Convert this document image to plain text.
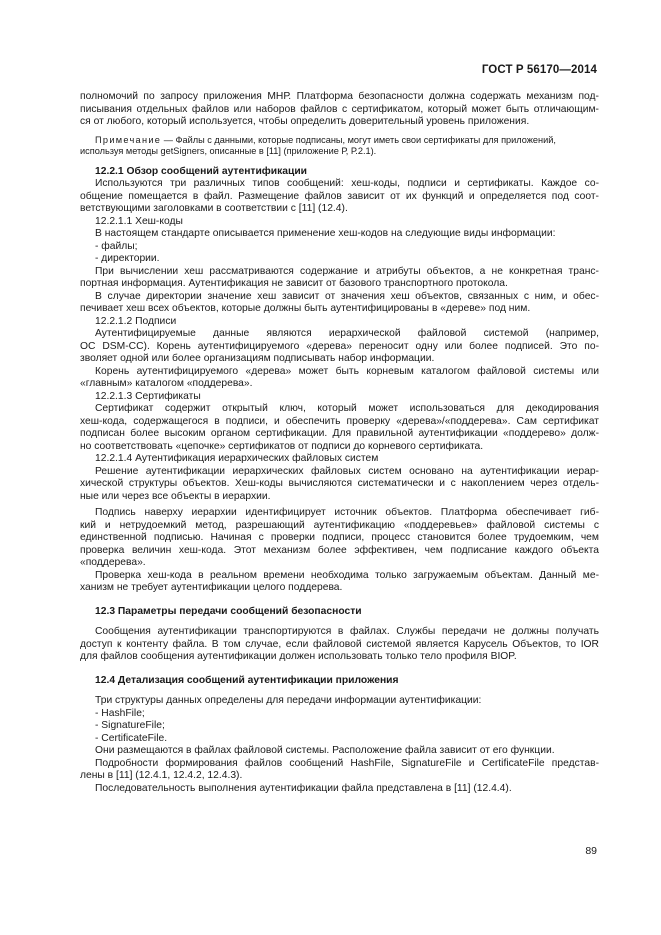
ГОСТ Р 56170—2014
полномочий по запросу приложения МНР. Платформа безопасности должна содержать механизм под-
писывания отдельных файлов или наборов файлов с сертификатом, который может быть отличающим-
ся от любого, который используется, чтобы определить доверительный уровень приложения.
Примечание — Файлы с данными, которые подписаны, могут иметь свои сертификаты для приложений,
используя методы getSigners, описанные в [11] (приложение Р, Р.2.1).
12.2.1 Обзор сообщений аутентификации
Используются три различных типов сообщений: хеш-коды, подписи и сертификаты. Каждое со-
общение помещается в файл. Размещение файлов зависит от их функций и определяется под соот-
ветствующими заголовками в соответствии с [11] (12.4).
12.2.1.1 Хеш-коды
В настоящем стандарте описывается применение хеш-кодов на следующие виды информации:
- файлы;
- директории.
При вычислении хеш рассматриваются содержание и атрибуты объектов, а не конкретная транс-
портная информация. Аутентификация не зависит от базового транспортного протокола.
В случае директории значение хеш зависит от значения хеш объектов, связанных с ним, и обес-
печивает хеш всех объектов, которые должны быть аутентифицированы в «дереве» под ним.
12.2.1.2 Подписи
Аутентифицируемые данные являются иерархической файловой системой (например,
ОС DSM-CC). Корень аутентифицируемого «дерева» переносит одну или более подписей. Это по-
зволяет одной или более организациям подписывать набор информации.
Корень аутентифицируемого «дерева» может быть корневым каталогом файловой системы или
«главным» каталогом «поддерева».
12.2.1.3 Сертификаты
Сертификат содержит открытый ключ, который может использоваться для декодирования
хеш-кода, содержащегося в подписи, и обеспечить проверку «дерева»/«поддерева». Сам сертификат
подписан более высоким органом сертификации. Для правильной аутентификации «поддерево» долж-
но соответствовать «цепочке» сертификатов от подписи до корневого сертификата.
12.2.1.4 Аутентификация иерархических файловых систем
Решение аутентификации иерархических файловых систем основано на аутентификации иерар-
хической структуры объектов. Хеш-коды вычисляются систематически и с накоплением через отдель-
ные или через все объекты в иерархии.
Подпись наверху иерархии идентифицирует источник объектов. Платформа обеспечивает гиб-
кий и нетрудоемкий метод, разрешающий аутентификацию «поддеревьев» файловой системы с
единственной подписью. Начиная с проверки подписи, процесс становится более трудоемким, чем
проверка величин хеш-кода. Этот механизм более эффективен, чем подписание каждого объекта
«поддерева».
Проверка хеш-кода в реальном времени необходима только загружаемым объектам. Данный ме-
ханизм не требует аутентификации целого поддерева.
12.3 Параметры передачи сообщений безопасности
Сообщения аутентификации транспортируются в файлах. Службы передачи не должны получать
доступ к контенту файла. В том случае, если файловой системой является Карусель Объектов, то IOR
для файлов сообщения аутентификации должен использовать только тело профиля BIOP.
12.4 Детализация сообщений аутентификации приложения
Три структуры данных определены для передачи информации аутентификации:
- HashFile;
- SignatureFile;
- CertificateFile.
Они размещаются в файлах файловой системы. Расположение файла зависит от его функции.
Подробности формирования файлов сообщений HashFile, SignatureFile и CertificateFile представ-
лены в [11] (12.4.1, 12.4.2, 12.4.3).
Последовательность выполнения аутентификации файла представлена в [11] (12.4.4).
89
